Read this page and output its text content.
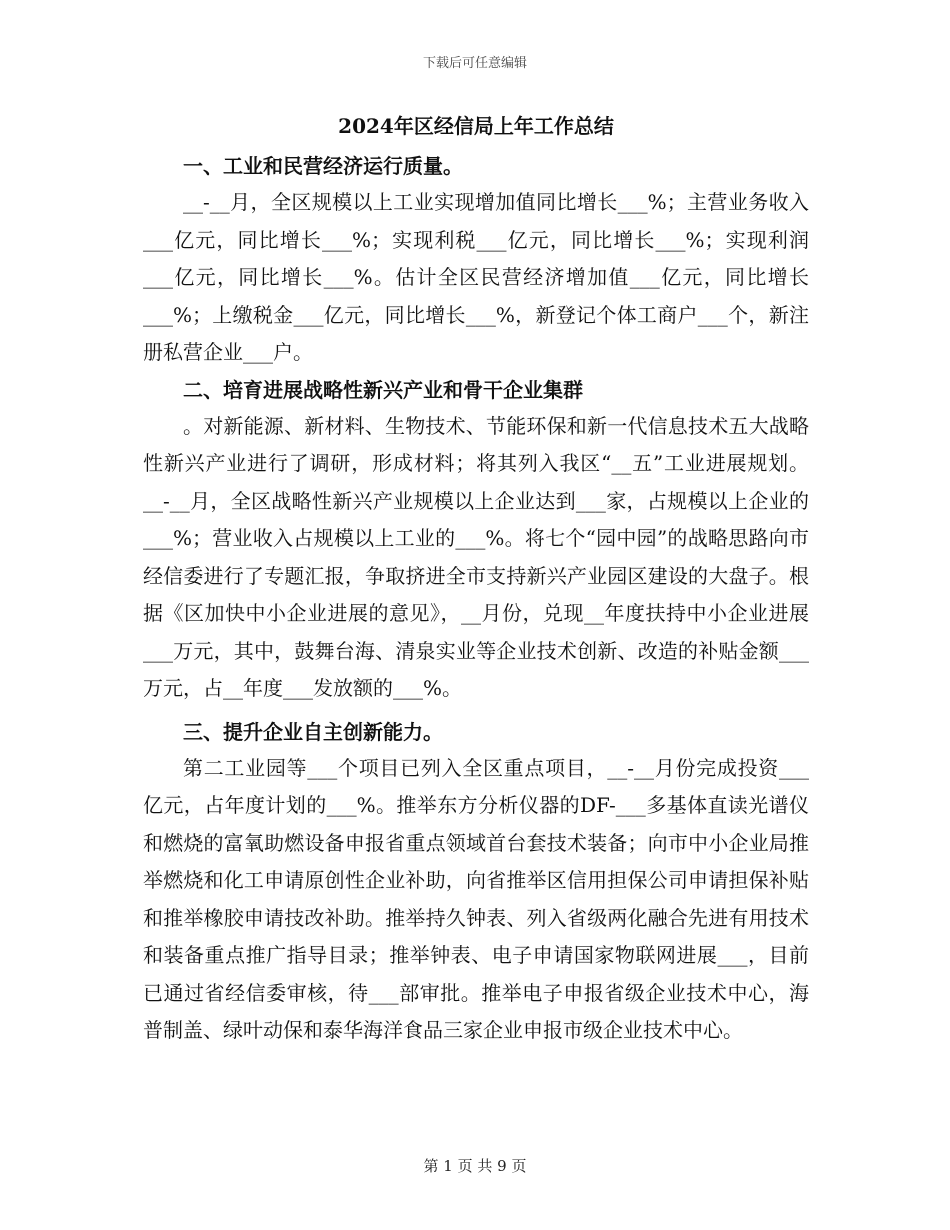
下载后可任意编辑
2024年区经信局上年工作总结

一、工业和民营经济运行质量。

__-__月，全区规模以上工业实现增加值同比增长___%；主营业务收入___亿元，同比增长___%；实现利税___亿元，同比增长___%；实现利润___亿元，同比增长___%。估计全区民营经济增加值___亿元，同比增长___%；上缴税金___亿元，同比增长___%，新登记个体工商户___个，新注册私营企业___户。

二、培育进展战略性新兴产业和骨干企业集群

。对新能源、新材料、生物技术、节能环保和新一代信息技术五大战略性新兴产业进行了调研，形成材料；将其列入我区“__五”工业进展规划。__-__月，全区战略性新兴产业规模以上企业达到___家，占规模以上企业的___%；营业收入占规模以上工业的___%。将七个“园中园”的战略思路向市经信委进行了专题汇报，争取挤进全市支持新兴产业园区建设的大盘子。根据《区加快中小企业进展的意见》，__月份，兑现__年度扶持中小企业进展___万元，其中，鼓舞台海、清泉实业等企业技术创新、改造的补贴金额___万元，占__年度___发放额的___%。

三、提升企业自主创新能力。

第二工业园等___个项目已列入全区重点项目，__-__月份完成投资___亿元，占年度计划的___%。推举东方分析仪器的DF-___多基体直读光谱仪和燃烧的富氧助燃设备申报省重点领域首台套技术装备；向市中小企业局推举燃烧和化工申请原创性企业补助，向省推举区信用担保公司申请担保补贴和推举橡胶申请技改补助。推举持久钟表、列入省级两化融合先进有用技术和装备重点推广指导目录；推举钟表、电子申请国家物联网进展___，目前已通过省经信委审核，待___部审批。推举电子申报省级企业技术中心，海普制盖、绿叶动保和泰华海洋食品三家企业申报市级企业技术中心。

第 1 页 共 9 页
